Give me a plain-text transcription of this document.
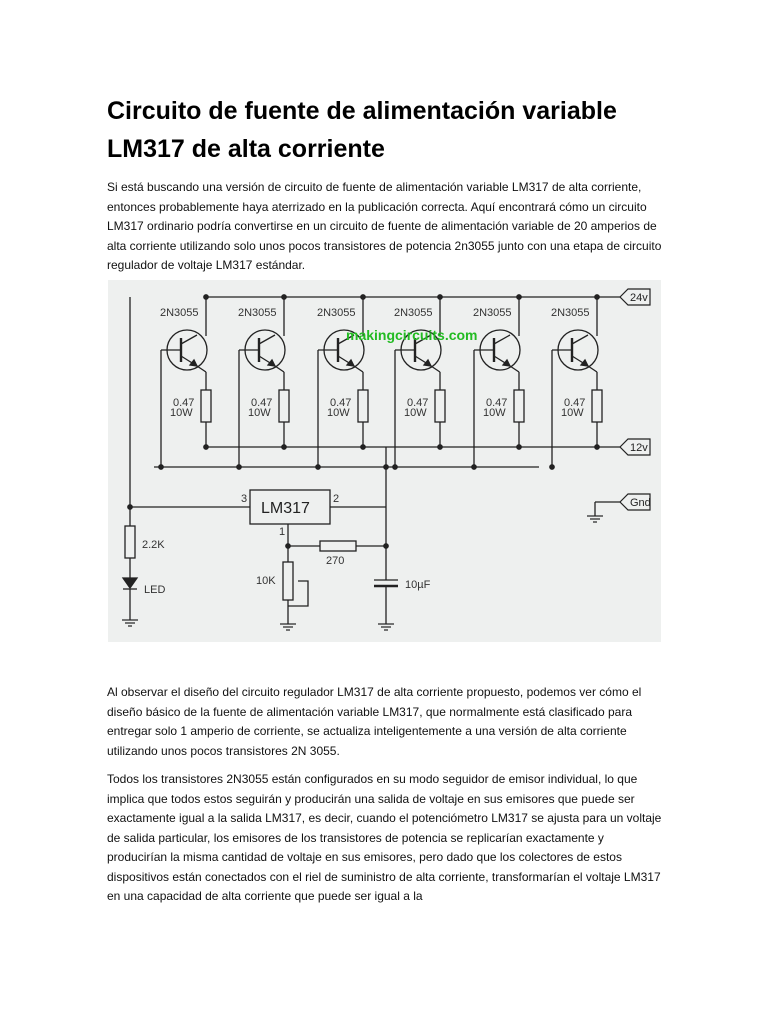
Circuito de fuente de alimentación variable
LM317 de alta corriente
Si está buscando una versión de circuito de fuente de alimentación variable LM317 de alta corriente, entonces probablemente haya aterrizado en la publicación correcta. Aquí encontrará cómo un circuito LM317 ordinario podría convertirse en un circuito de fuente de alimentación variable de 20 amperios de alta corriente utilizando solo unos pocos transistores de potencia 2n3055 junto con una etapa de circuito regulador de voltaje LM317 estándar.
2N3055
0.47
10W
2N3055
0.47
10W
2N3055
0.47
10W
2N3055
0.47
10W
2N3055
0.47
10W
2N3055
0.47
10W
24v
12v
Gnd
LM317
3	2
1
2.2K
LED
10K
270
10µF
makingcircuits.com
Al observar el diseño del circuito regulador LM317 de alta corriente propuesto, podemos ver cómo el diseño básico de la fuente de alimentación variable LM317, que normalmente está clasificado para entregar solo 1 amperio de corriente, se actualiza inteligentemente a una versión de alta corriente utilizando unos pocos transistores 2N 3055.
Todos los transistores 2N3055 están configurados en su modo seguidor de emisor individual, lo que implica que todos estos seguirán y producirán una salida de voltaje en sus emisores que puede ser exactamente igual a la salida LM317, es decir, cuando el potenciómetro LM317 se ajusta para un voltaje de salida particular, los emisores de los transistores de potencia se replicarían exactamente y producirían la misma cantidad de voltaje en sus emisores, pero dado que los colectores de estos dispositivos están conectados con el riel de suministro de alta corriente, transformarían el voltaje LM317 en una capacidad de alta corriente que puede ser igual a la
